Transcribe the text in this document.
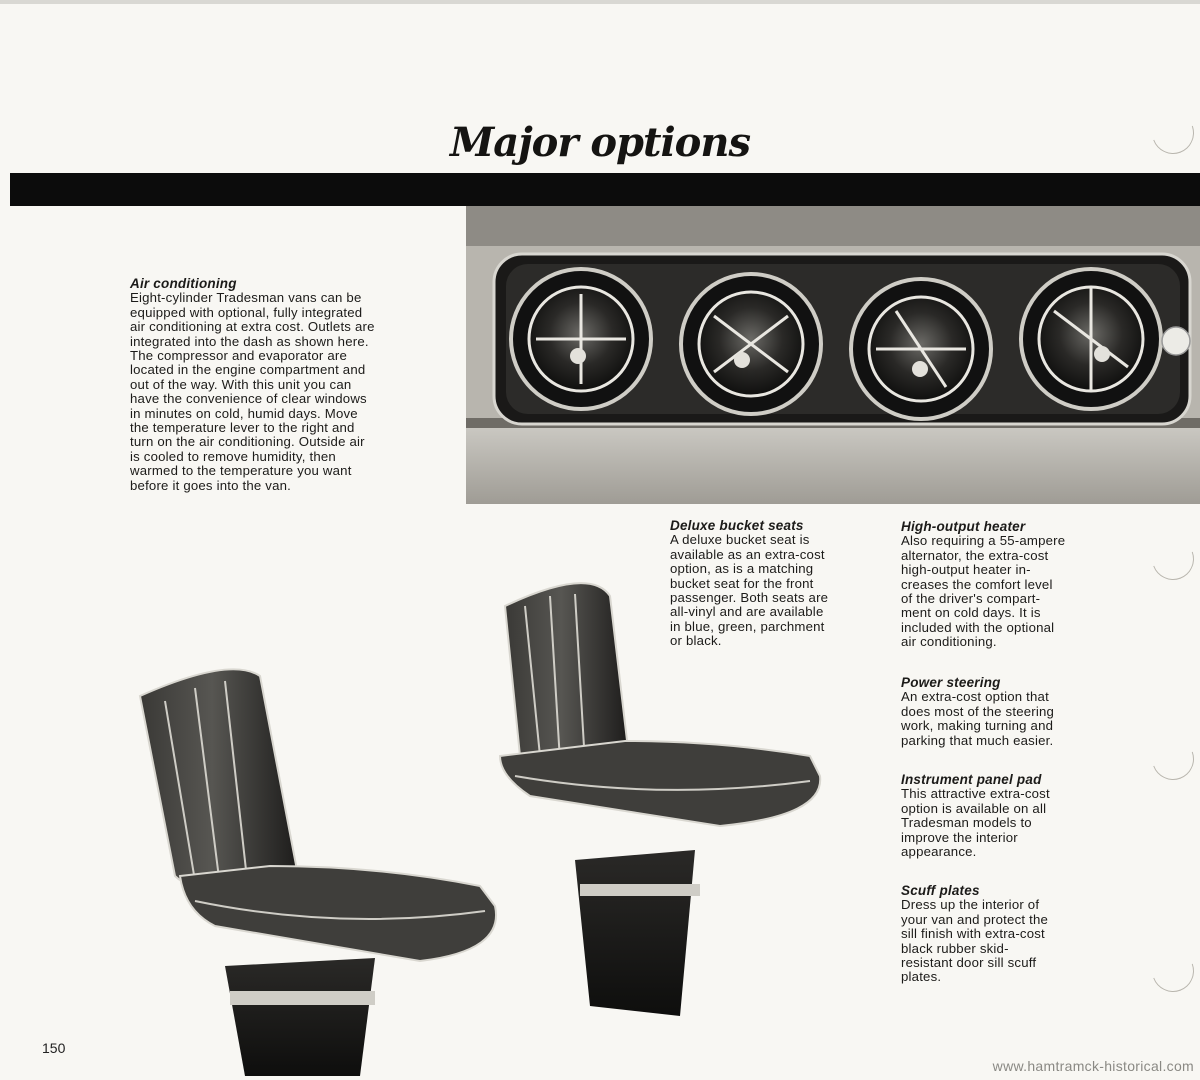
Major options
Air conditioning

Eight-cylinder Tradesman vans can be
equipped with optional, fully integrated
air conditioning at extra cost. Outlets are
integrated into the dash as shown here.
The compressor and evaporator are
located in the engine compartment and
out of the way. With this unit you can
have the convenience of clear windows
in minutes on cold, humid days. Move
the temperature lever to the right and
turn on the air conditioning. Outside air
is cooled to remove humidity, then
warmed to the temperature you want
before it goes into the van.

Deluxe bucket seats

A deluxe bucket seat is
available as an extra-cost
option, as is a matching
bucket seat for the front
passenger. Both seats are
all-vinyl and are available
in blue, green, parchment
or black.

High-output heater

Also requiring a 55-ampere
alternator, the extra-cost
high-output heater in-
creases the comfort level
of the driver's compart-
ment on cold days. It is
included with the optional
air conditioning.

Power steering

An extra-cost option that
does most of the steering
work, making turning and
parking that much easier.

Instrument panel pad

This attractive extra-cost
option is available on all
Tradesman models to
improve the interior
appearance.

Scuff plates

Dress up the interior of
your van and protect the
sill finish with extra-cost
black rubber skid-
resistant door sill scuff
plates.

150
www.hamtramck-historical.com
